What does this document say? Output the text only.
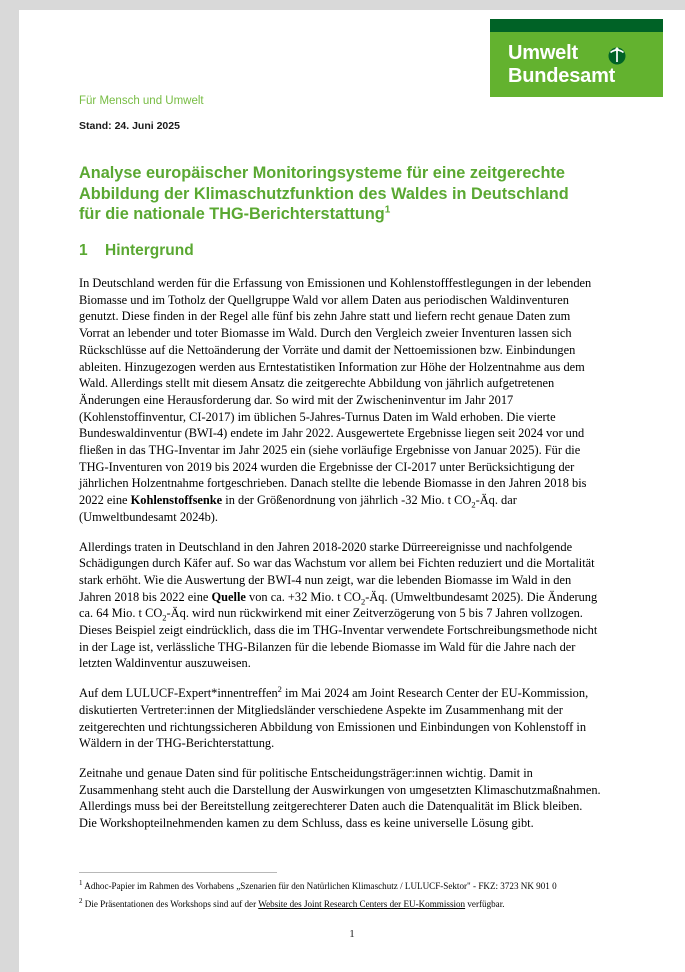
Umwelt
Bundesamt
Für Mensch und Umwelt
Stand: 24. Juni 2025
Analyse europäischer Monitoringsysteme für eine zeitgerechte Abbildung der Klimaschutzfunktion des Waldes in Deutschland für die nationale THG-Berichterstattung$^1$
1 Hintergrund

In Deutschland werden für die Erfassung von Emissionen und Kohlenstofffestlegungen in der lebenden Biomasse und im Totholz der Quellgruppe Wald vor allem Daten aus periodischen Waldinventuren genutzt. Diese finden in der Regel alle fünf bis zehn Jahre statt und liefern recht genaue Daten zum Vorrat an lebender und toter Biomasse im Wald. Durch den Vergleich zweier Inventuren lassen sich Rückschlüsse auf die Nettoänderung der Vorräte und damit der Nettoemissionen bzw. Einbindungen ableiten. Hinzugezogen werden aus Erntestatistiken Information zur Höhe der Holzentnahme aus dem Wald. Allerdings stellt mit diesem Ansatz die zeitgerechte Abbildung von jährlich aufgetretenen Änderungen eine Herausforderung dar. So wird mit der Zwischeninventur im Jahr 2017 (Kohlenstoffinventur, CI-2017) im üblichen 5-Jahres-Turnus Daten im Wald erhoben. Die vierte Bundeswaldinventur (BWI-4) endete im Jahr 2022. Ausgewertete Ergebnisse liegen seit 2024 vor und fließen in das THG-Inventar im Jahr 2025 ein (siehe vorläufige Ergebnisse von Januar 2025). Für die THG-Inventuren von 2019 bis 2024 wurden die Ergebnisse der CI-2017 unter Berücksichtigung der jährlichen Holzentnahme fortgeschrieben. Danach stellte die lebende Biomasse in den Jahren 2018 bis 2022 eine Kohlenstoffsenke in der Größenordnung von jährlich -32 Mio. t $CO_2-Äq$. dar (Umweltbundesamt 2024b).

Allerdings traten in Deutschland in den Jahren 2018-2020 starke Dürreereignisse und nachfolgende Schädigungen durch Käfer auf. So war das Wachstum vor allem bei Fichten reduziert und die Mortalität stark erhöht. Wie die Auswertung der BWI-4 nun zeigt, war die lebenden Biomasse im Wald in den Jahren 2018 bis 2022 eine Quelle von ca. +32 Mio. t $CO_2-Äq$. (Umweltbundesamt 2025). Die Änderung ca. 64 Mio. t $CO_2-Äq$. wird nun rückwirkend mit einer Zeitverzögerung von 5 bis 7 Jahren vollzogen. Dieses Beispiel zeigt eindrücklich, dass die im THG-Inventar verwendete Fortschreibungsmethode nicht in der Lage ist, verlässliche THG-Bilanzen für die lebende Biomasse im Wald für die Jahre nach der letzten Waldinventur auszuweisen.

Auf dem LULUCF-Expert*innentreffen$^2$ im Mai 2024 am Joint Research Center der EU-Kommission, diskutierten Vertreter:innen der Mitgliedsländer verschiedene Aspekte im Zusammenhang mit der zeitgerechten und richtungssicheren Abbildung von Emissionen und Einbindungen von Kohlenstoff in Wäldern in der THG-Berichterstattung.

Zeitnahe und genaue Daten sind für politische Entscheidungsträger:innen wichtig. Damit in Zusammenhang steht auch die Darstellung der Auswirkungen von umgesetzten Klimaschutzmaßnahmen. Allerdings muss bei der Bereitstellung zeitgerechterer Daten auch die Datenqualität im Blick bleiben. Die Workshopteilnehmenden kamen zu dem Schluss, dass es keine universelle Lösung gibt.

$^1$ Adhoc-Papier im Rahmen des Vorhabens „Szenarien für den Natürlichen Klimaschutz / LULUCF-Sektor" - FKZ: 3723 NK 901 0

$^2$ Die Präsentationen des Workshops sind auf der Website des Joint Research Centers der EU-Kommission verfügbar.

1
